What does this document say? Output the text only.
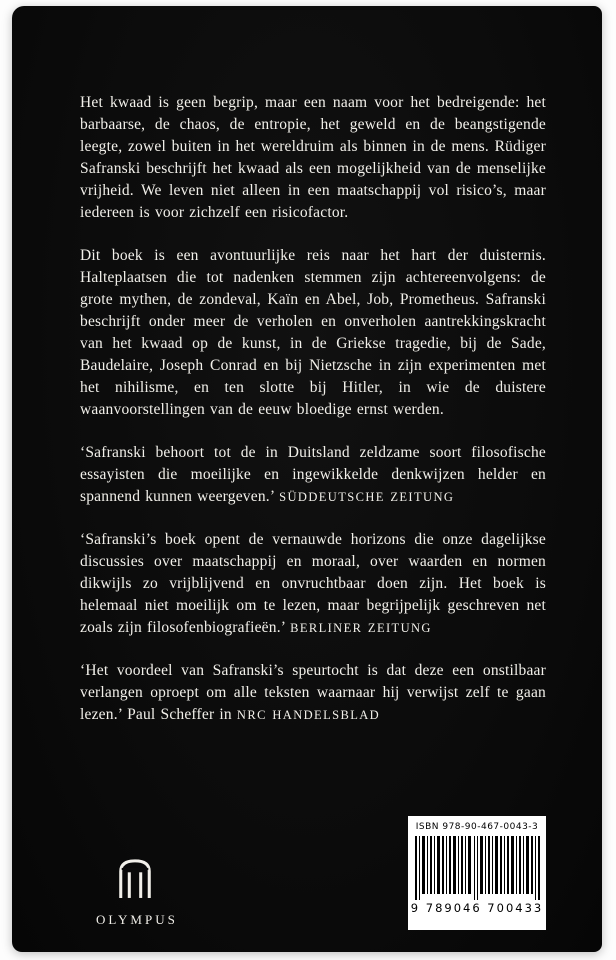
Het kwaad is geen begrip, maar een naam voor het bedreigende: het barbaarse, de chaos, de entropie, het geweld en de beangstigende leegte, zowel buiten in het wereldruim als binnen in de mens. Rüdiger Safranski beschrijft het kwaad als een mogelijkheid van de menselijke vrijheid. We leven niet alleen in een maatschappij vol risico’s, maar iedereen is voor zichzelf een risicofactor.

Dit boek is een avontuurlijke reis naar het hart der duisternis. Halteplaatsen die tot nadenken stemmen zijn achtereenvolgens: de grote mythen, de zondeval, Kaïn en Abel, Job, Prometheus. Safranski beschrijft onder meer de verholen en onverholen aantrekkingskracht van het kwaad op de kunst, in de Griekse tragedie, bij de Sade, Baudelaire, Joseph Conrad en bij Nietzsche in zijn experimenten met het nihilisme, en ten slotte bij Hitler, in wie de duistere waanvoorstellingen van de eeuw bloedige ernst werden.

‘Safranski behoort tot de in Duitsland zeldzame soort filosofische essayisten die moeilijke en ingewikkelde denkwijzen helder en spannend kunnen weergeven.’ SÜDDEUTSCHE ZEITUNG

‘Safranski’s boek opent de vernauwde horizons die onze dagelijkse discussies over maatschappij en moraal, over waarden en normen dikwijls zo vrijblijvend en onvruchtbaar doen zijn. Het boek is helemaal niet moeilijk om te lezen, maar begrijpelijk geschreven net zoals zijn filosofenbiografieën.’ BERLINER ZEITUNG

‘Het voordeel van Safranski’s speurtocht is dat deze een onstilbaar verlangen oproept om alle teksten waarnaar hij verwijst zelf te gaan lezen.’ Paul Scheffer in NRC HANDELSBLAD

OLYMPUS
ISBN 978-90-467-0043-3
9 789046 700433
